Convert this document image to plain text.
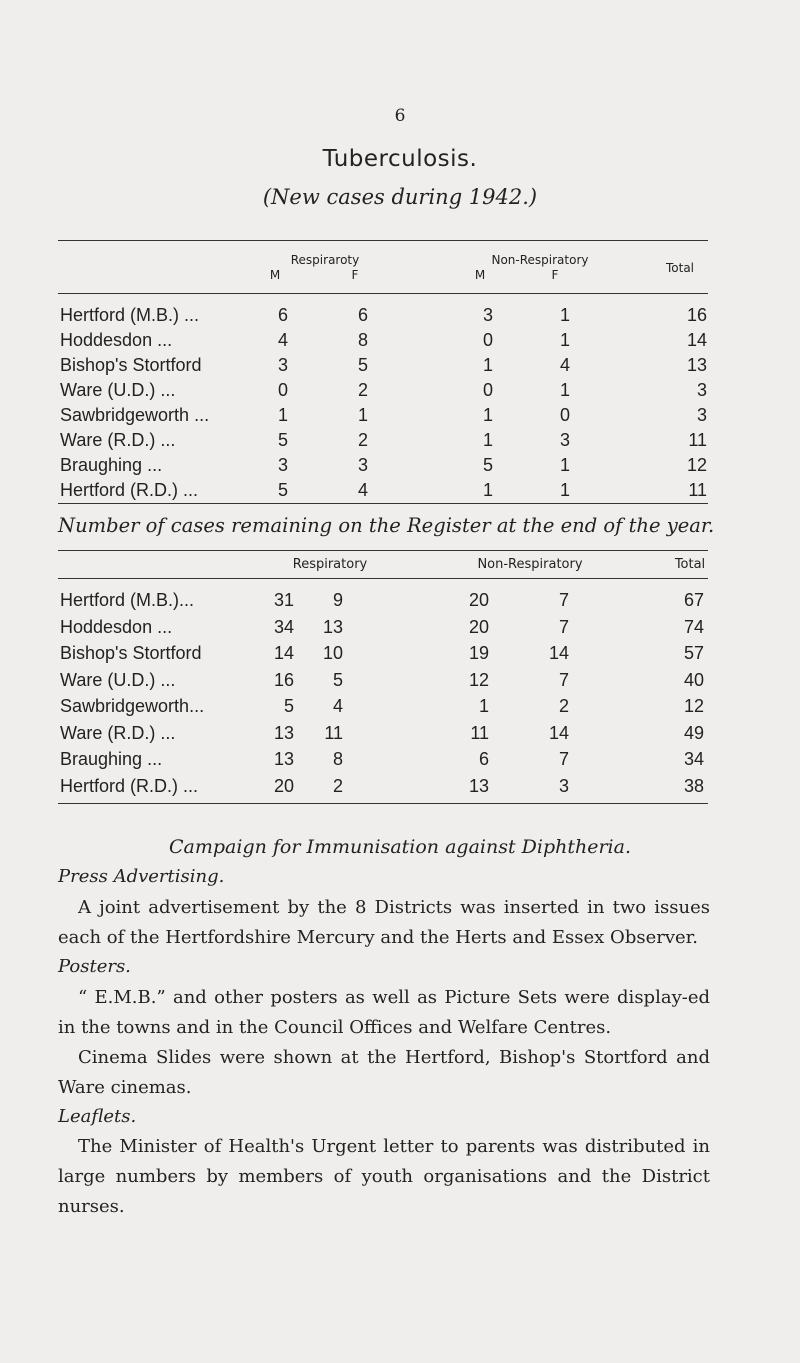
6
Tuberculosis.
(New cases during 1942.)
Respiraroty	Non-Respiratory
Total
M	F	M	F
Hertford (M.B.) ...	6	6	3	1	16
Hoddesdon ...	4	8	0	1	14
Bishop's Stortford	3	5	1	4	13
Ware (U.D.) ...	0	2	0	1	3
Sawbridgeworth ...	1	1	1	0	3
Ware (R.D.) ...	5	2	1	3	11
Braughing ...	3	3	5	1	12
Hertford (R.D.) ...	5	4	1	1	11
Number of cases remaining on the Register at the end of the year.
Respiratory	Non-Respiratory	Total
Hertford (M.B.)...	31	9	20	7	67
Hoddesdon ...	34	13	20	7	74
Bishop's Stortford	14	10	19	14	57
Ware (U.D.) ...	16	5	12	7	40
Sawbridgeworth...	5	4	1	2	12
Ware (R.D.) ...	13	11	11	14	49
Braughing ...	13	8	6	7	34
Hertford (R.D.) ...	20	2	13	3	38
Campaign for Immunisation against Diphtheria.
Press Advertising.
A joint advertisement by the 8 Districts was inserted in two issues each of the Hertfordshire Mercury and the Herts and Essex Observer.
Posters.
“ E.M.B.” and other posters as well as Picture Sets were display-ed in the towns and in the Council Offices and Welfare Centres.
Cinema Slides were shown at the Hertford, Bishop's Stortford and Ware cinemas.
Leaflets.
The Minister of Health's Urgent letter to parents was distributed in large numbers by members of youth organisations and the District nurses.
